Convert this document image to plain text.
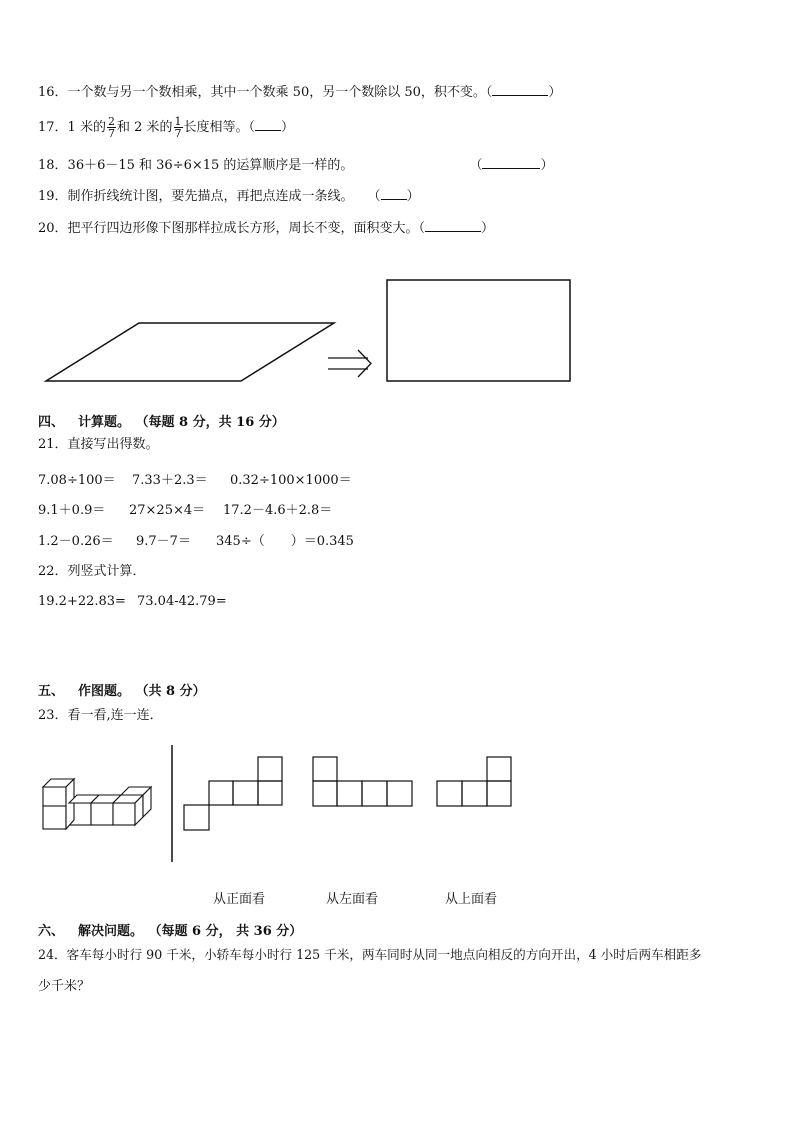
16．一个数与另一个数相乘，其中一个数乘 50，另一个数除以 50，积不变。（	）
17．1 米的 $\frac{2}{7}$ 和 2 米的 $\frac{1}{7}$ 长度相等。（ ）
18．36＋6－15 和 36÷6×15 的运算顺序是一样的。	（	）
19．制作折线统计图，要先描点，再把点连成一条线。 （ ）
20．把平行四边形像下图那样拉成长方形，周长不变，面积变大。（	）
四、 计算题。 （每题 8 分，共 16 分）
21．直接写出得数。
7.08÷100＝ 7.33＋2.3＝ 0.32÷100×1000＝
9.1＋0.9＝ 27×25×4＝ 17.2－4.6＋2.8＝
1.2－0.26＝ 9.7－7＝ 345÷（　　）＝0.345
22．列竖式计算．
19.2+22.83= 73.04-42.79=
五、 作图题。 （共 8 分）
23．看一看,连一连．
从正面看	从左面看	从上面看
六、 解决问题。 （每题 6 分， 共 36 分）
24．客车每小时行 90 千米，小轿车每小时行 125 千米，两车同时从同一地点向相反的方向开出，4 小时后两车相距多
少千米？
